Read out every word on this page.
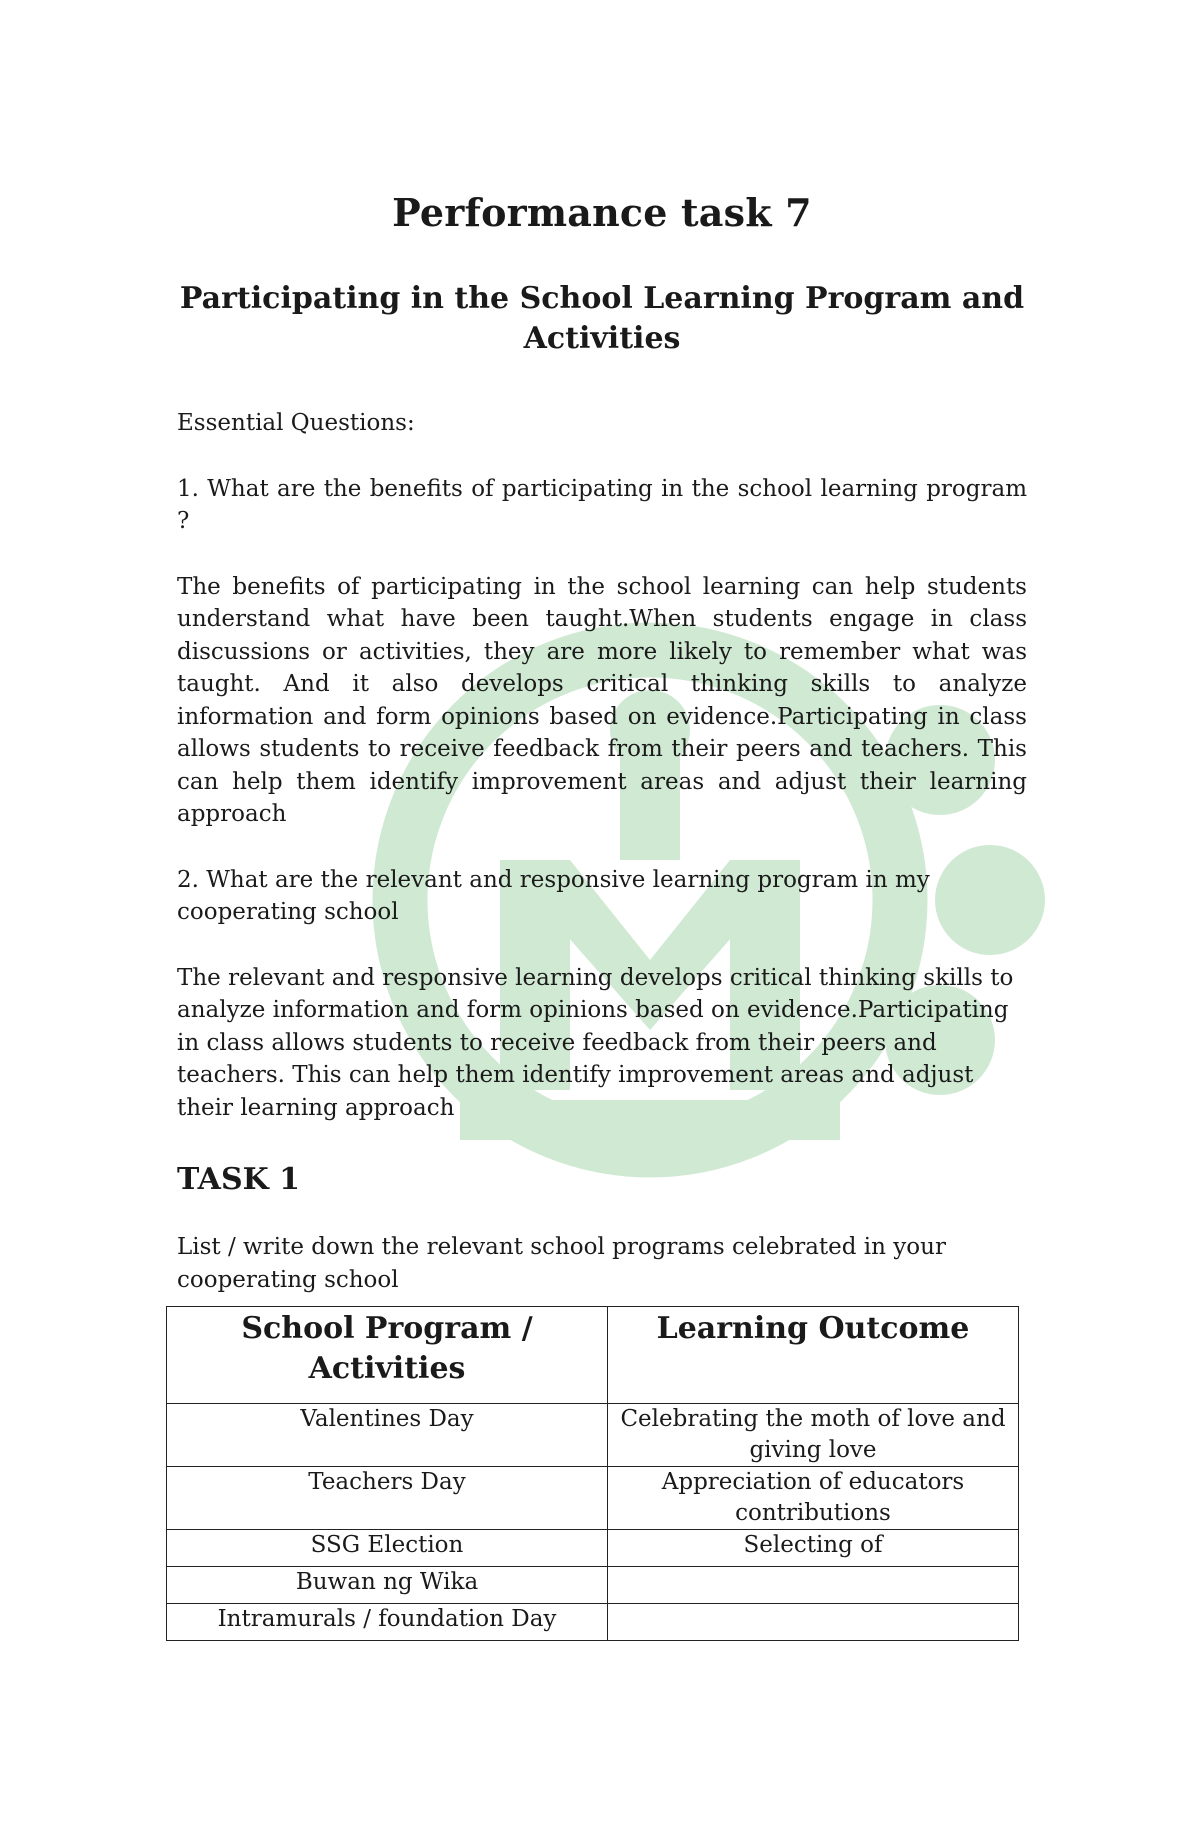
Performance task 7
Participating in the School Learning Program and Activities

Essential Questions:

1. What are the benefits of participating in the school learning program ?

The benefits of participating in the school learning can help students understand what have been taught.When students engage in class discussions or activities, they are more likely to remember what was taught. And it also develops critical thinking skills to analyze information and form opinions based on evidence.Participating in class allows students to receive feedback from their peers and teachers. This can help them identify improvement areas and adjust their learning approach

2. What are the relevant and responsive learning program in my cooperating school

The relevant and responsive learning develops critical thinking skills to analyze information and form opinions based on evidence.Participating in class allows students to receive feedback from their peers and teachers. This can help them identify improvement areas and adjust their learning approach

TASK 1

List / write down the relevant school programs celebrated in your cooperating school

School Program / Activities	Learning Outcome
Valentines Day	Celebrating the moth of love and giving love
Teachers Day	Appreciation of educators contributions
SSG Election	Selecting of
Buwan ng Wika	
Intramurals / foundation Day	
